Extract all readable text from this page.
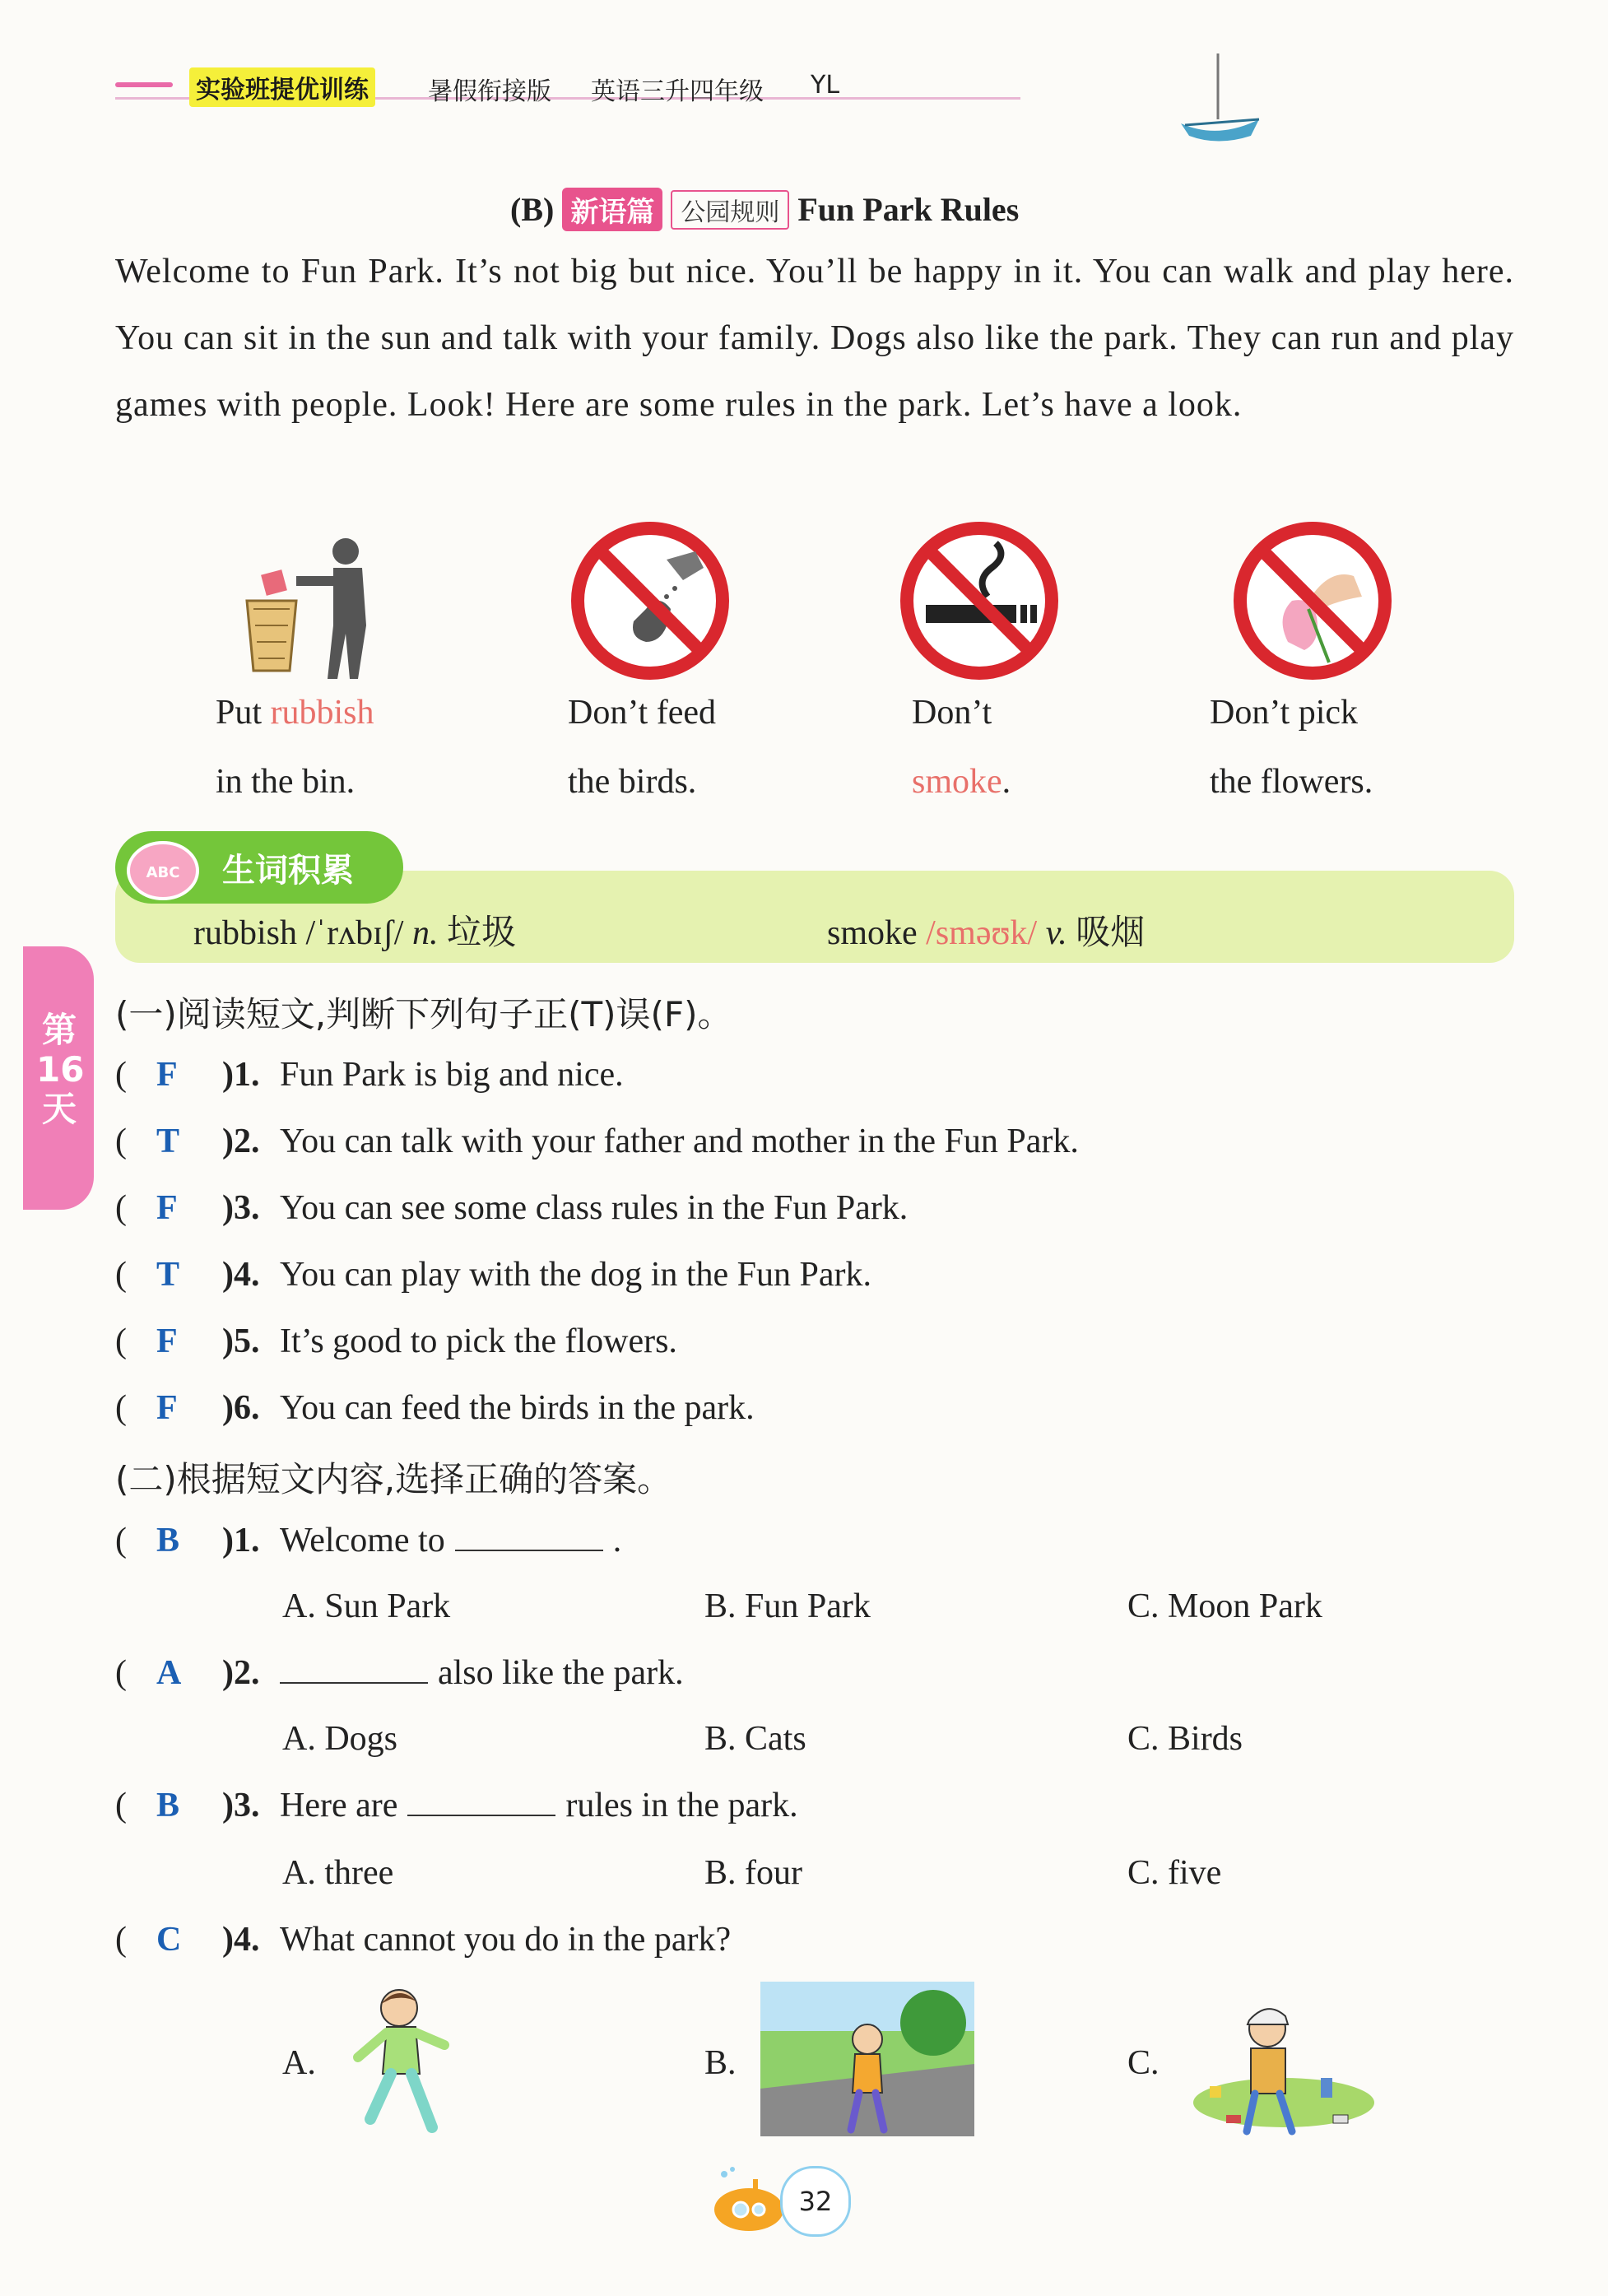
实验班提优训练 暑假衔接版 英语三升四年级 YL
(B) 新语篇	公园规则 Fun Park Rules
Welcome to Fun Park. It’s not big but nice. You’ll be happy in it. You can walk and play here. You can sit in the sun and talk with your family. Dogs also like the park. They can run and play games with people. Look! Here are some rules in the park. Let’s have a look.
Put rubbish
in the bin.
Don’t feed
the birds.
Don’t
smoke.
Don’t pick
the flowers.
ABC 生词积累
rubbish /ˈrʌbɪʃ/ n. 垃圾	smoke /sməʊk/ v. 吸烟
第16天
(一)阅读短文,判断下列句子正(T)误(F)。
( F )1. Fun Park is big and nice.
( T )2. You can talk with your father and mother in the Fun Park.
( F )3. You can see some class rules in the Fun Park.
( T )4. You can play with the dog in the Fun Park.
( F )5. It’s good to pick the flowers.
( F )6. You can feed the birds in the park.
(二)根据短文内容,选择正确的答案。
( B )1. Welcome to	.
A. Sun Park	B. Fun Park	C. Moon Park
( A )2.	also like the park.
A. Dogs	B. Cats	C. Birds
( B )3. Here are	rules in the park.
A. three	B. four	C. five
( C )4. What cannot you do in the park?
A.	B.	C.
32
